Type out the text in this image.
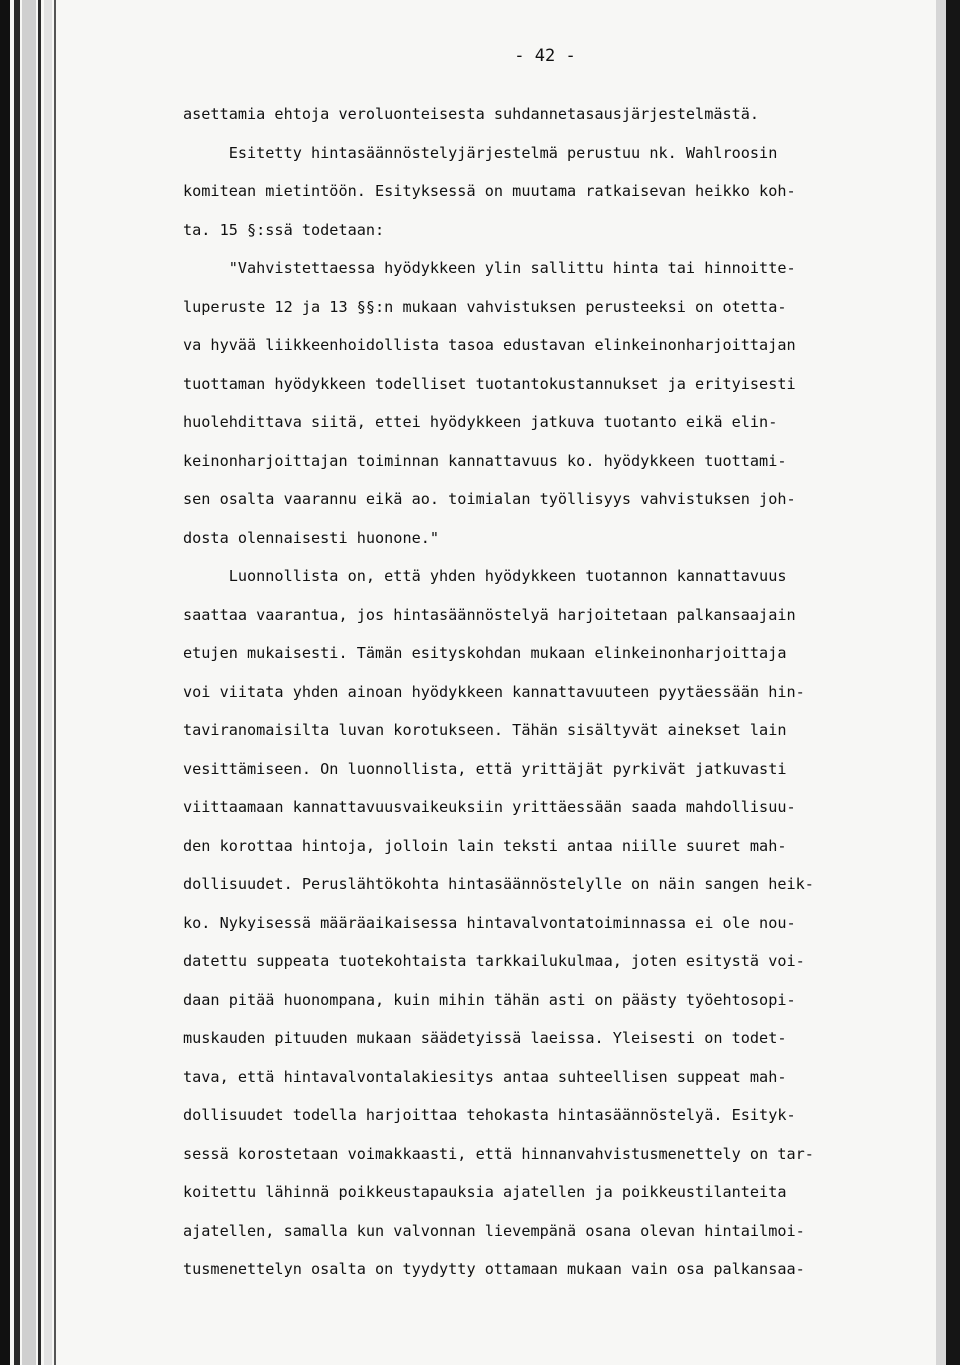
- 42 -
asettamia ehtoja veroluonteisesta suhdannetasausjärjestelmästä.
Esitetty hintasäännöstelyjärjestelmä perustuu nk. Wahlroosin
komitean mietintöön. Esityksessä on muutama ratkaisevan heikko koh-
ta. 15 §:ssä todetaan:
"Vahvistettaessa hyödykkeen ylin sallittu hinta tai hinnoitte-
luperuste 12 ja 13 §§:n mukaan vahvistuksen perusteeksi on otetta-
va hyvää liikkeenhoidollista tasoa edustavan elinkeinonharjoittajan
tuottaman hyödykkeen todelliset tuotantokustannukset ja erityisesti
huolehdittava siitä, ettei hyödykkeen jatkuva tuotanto eikä elin-
keinonharjoittajan toiminnan kannattavuus ko. hyödykkeen tuottami-
sen osalta vaarannu eikä ao. toimialan työllisyys vahvistuksen joh-
dosta olennaisesti huonone."
Luonnollista on, että yhden hyödykkeen tuotannon kannattavuus
saattaa vaarantua, jos hintasäännöstelyä harjoitetaan palkansaajain
etujen mukaisesti. Tämän esityskohdan mukaan elinkeinonharjoittaja
voi viitata yhden ainoan hyödykkeen kannattavuuteen pyytäessään hin-
taviranomaisilta luvan korotukseen. Tähän sisältyvät ainekset lain
vesittämiseen. On luonnollista, että yrittäjät pyrkivät jatkuvasti
viittaamaan kannattavuusvaikeuksiin yrittäessään saada mahdollisuu-
den korottaa hintoja, jolloin lain teksti antaa niille suuret mah-
dollisuudet. Peruslähtökohta hintasäännöstelylle on näin sangen heik-
ko. Nykyisessä määräaikaisessa hintavalvontatoiminnassa ei ole nou-
datettu suppeata tuotekohtaista tarkkailukulmaa, joten esitystä voi-
daan pitää huonompana, kuin mihin tähän asti on päästy työehtosopi-
muskauden pituuden mukaan säädetyissä laeissa. Yleisesti on todet-
tava, että hintavalvontalakiesitys antaa suhteellisen suppeat mah-
dollisuudet todella harjoittaa tehokasta hintasäännöstelyä. Esityk-
sessä korostetaan voimakkaasti, että hinnanvahvistusmenettely on tar-
koitettu lähinnä poikkeustapauksia ajatellen ja poikkeustilanteita
ajatellen, samalla kun valvonnan lievempänä osana olevan hintailmoi-
tusmenettelyn osalta on tyydytty ottamaan mukaan vain osa palkansaa-
